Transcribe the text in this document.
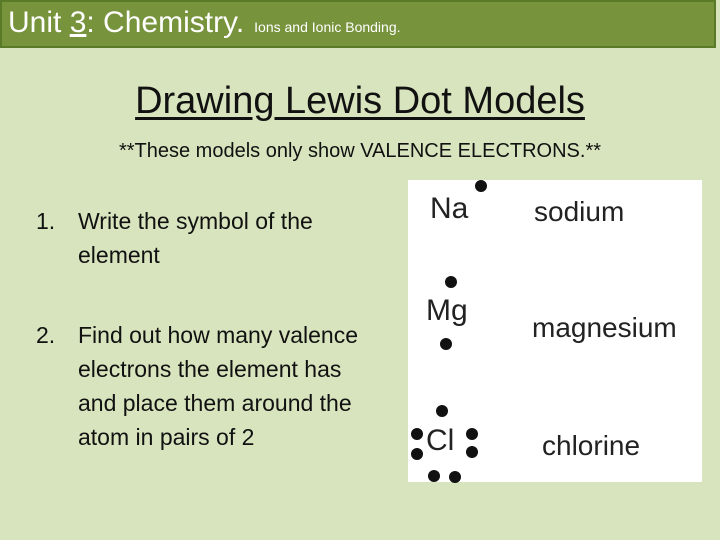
Unit 3: Chemistry. Ions and Ionic Bonding.
Drawing Lewis Dot Models
**These models only show VALENCE ELECTRONS.**
1. Write the symbol of the element
2. Find out how many valence electrons the element has and place them around the atom in pairs of 2
Na sodium
Mg
magnesium
Cl	chlorine
